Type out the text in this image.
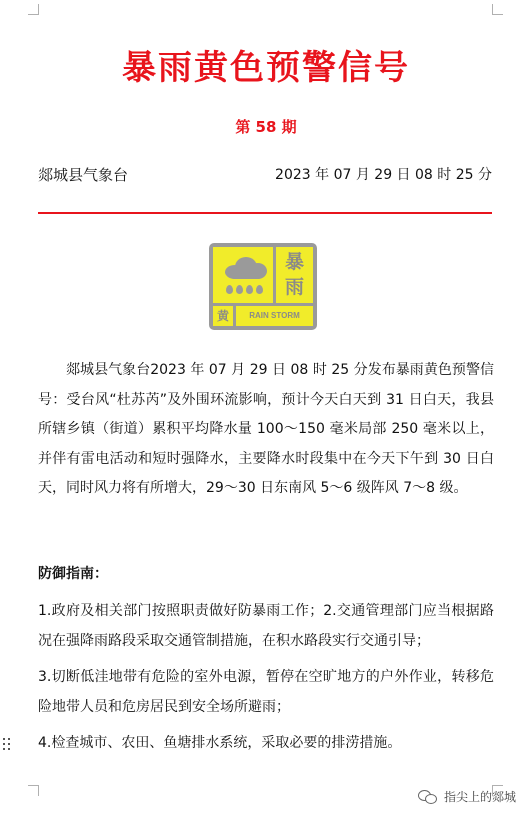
暴雨黄色预警信号
第 58 期
郯城县气象台	2023 年 07 月 29 日 08 时 25 分
暴
雨
黄	RAIN STORM
郯城县气象台2023 年 07 月 29 日 08 时 25 分发布暴雨黄色预警信号：受台风“杜苏芮”及外围环流影响，预计今天白天到 31 日白天，我县所辖乡镇（街道）累积平均降水量 100～150 毫米局部 250 毫米以上，并伴有雷电活动和短时强降水，主要降水时段集中在今天下午到 30 日白天，同时风力将有所增大，29～30 日东南风 5～6 级阵风 7～8 级。
防御指南：

1.政府及相关部门按照职责做好防暴雨工作；2.交通管理部门应当根据路况在强降雨路段采取交通管制措施，在积水路段实行交通引导；

3.切断低洼地带有危险的室外电源，暂停在空旷地方的户外作业，转移危险地带人员和危房居民到安全场所避雨；

4.检查城市、农田、鱼塘排水系统，采取必要的排涝措施。

指尖上的郯城
